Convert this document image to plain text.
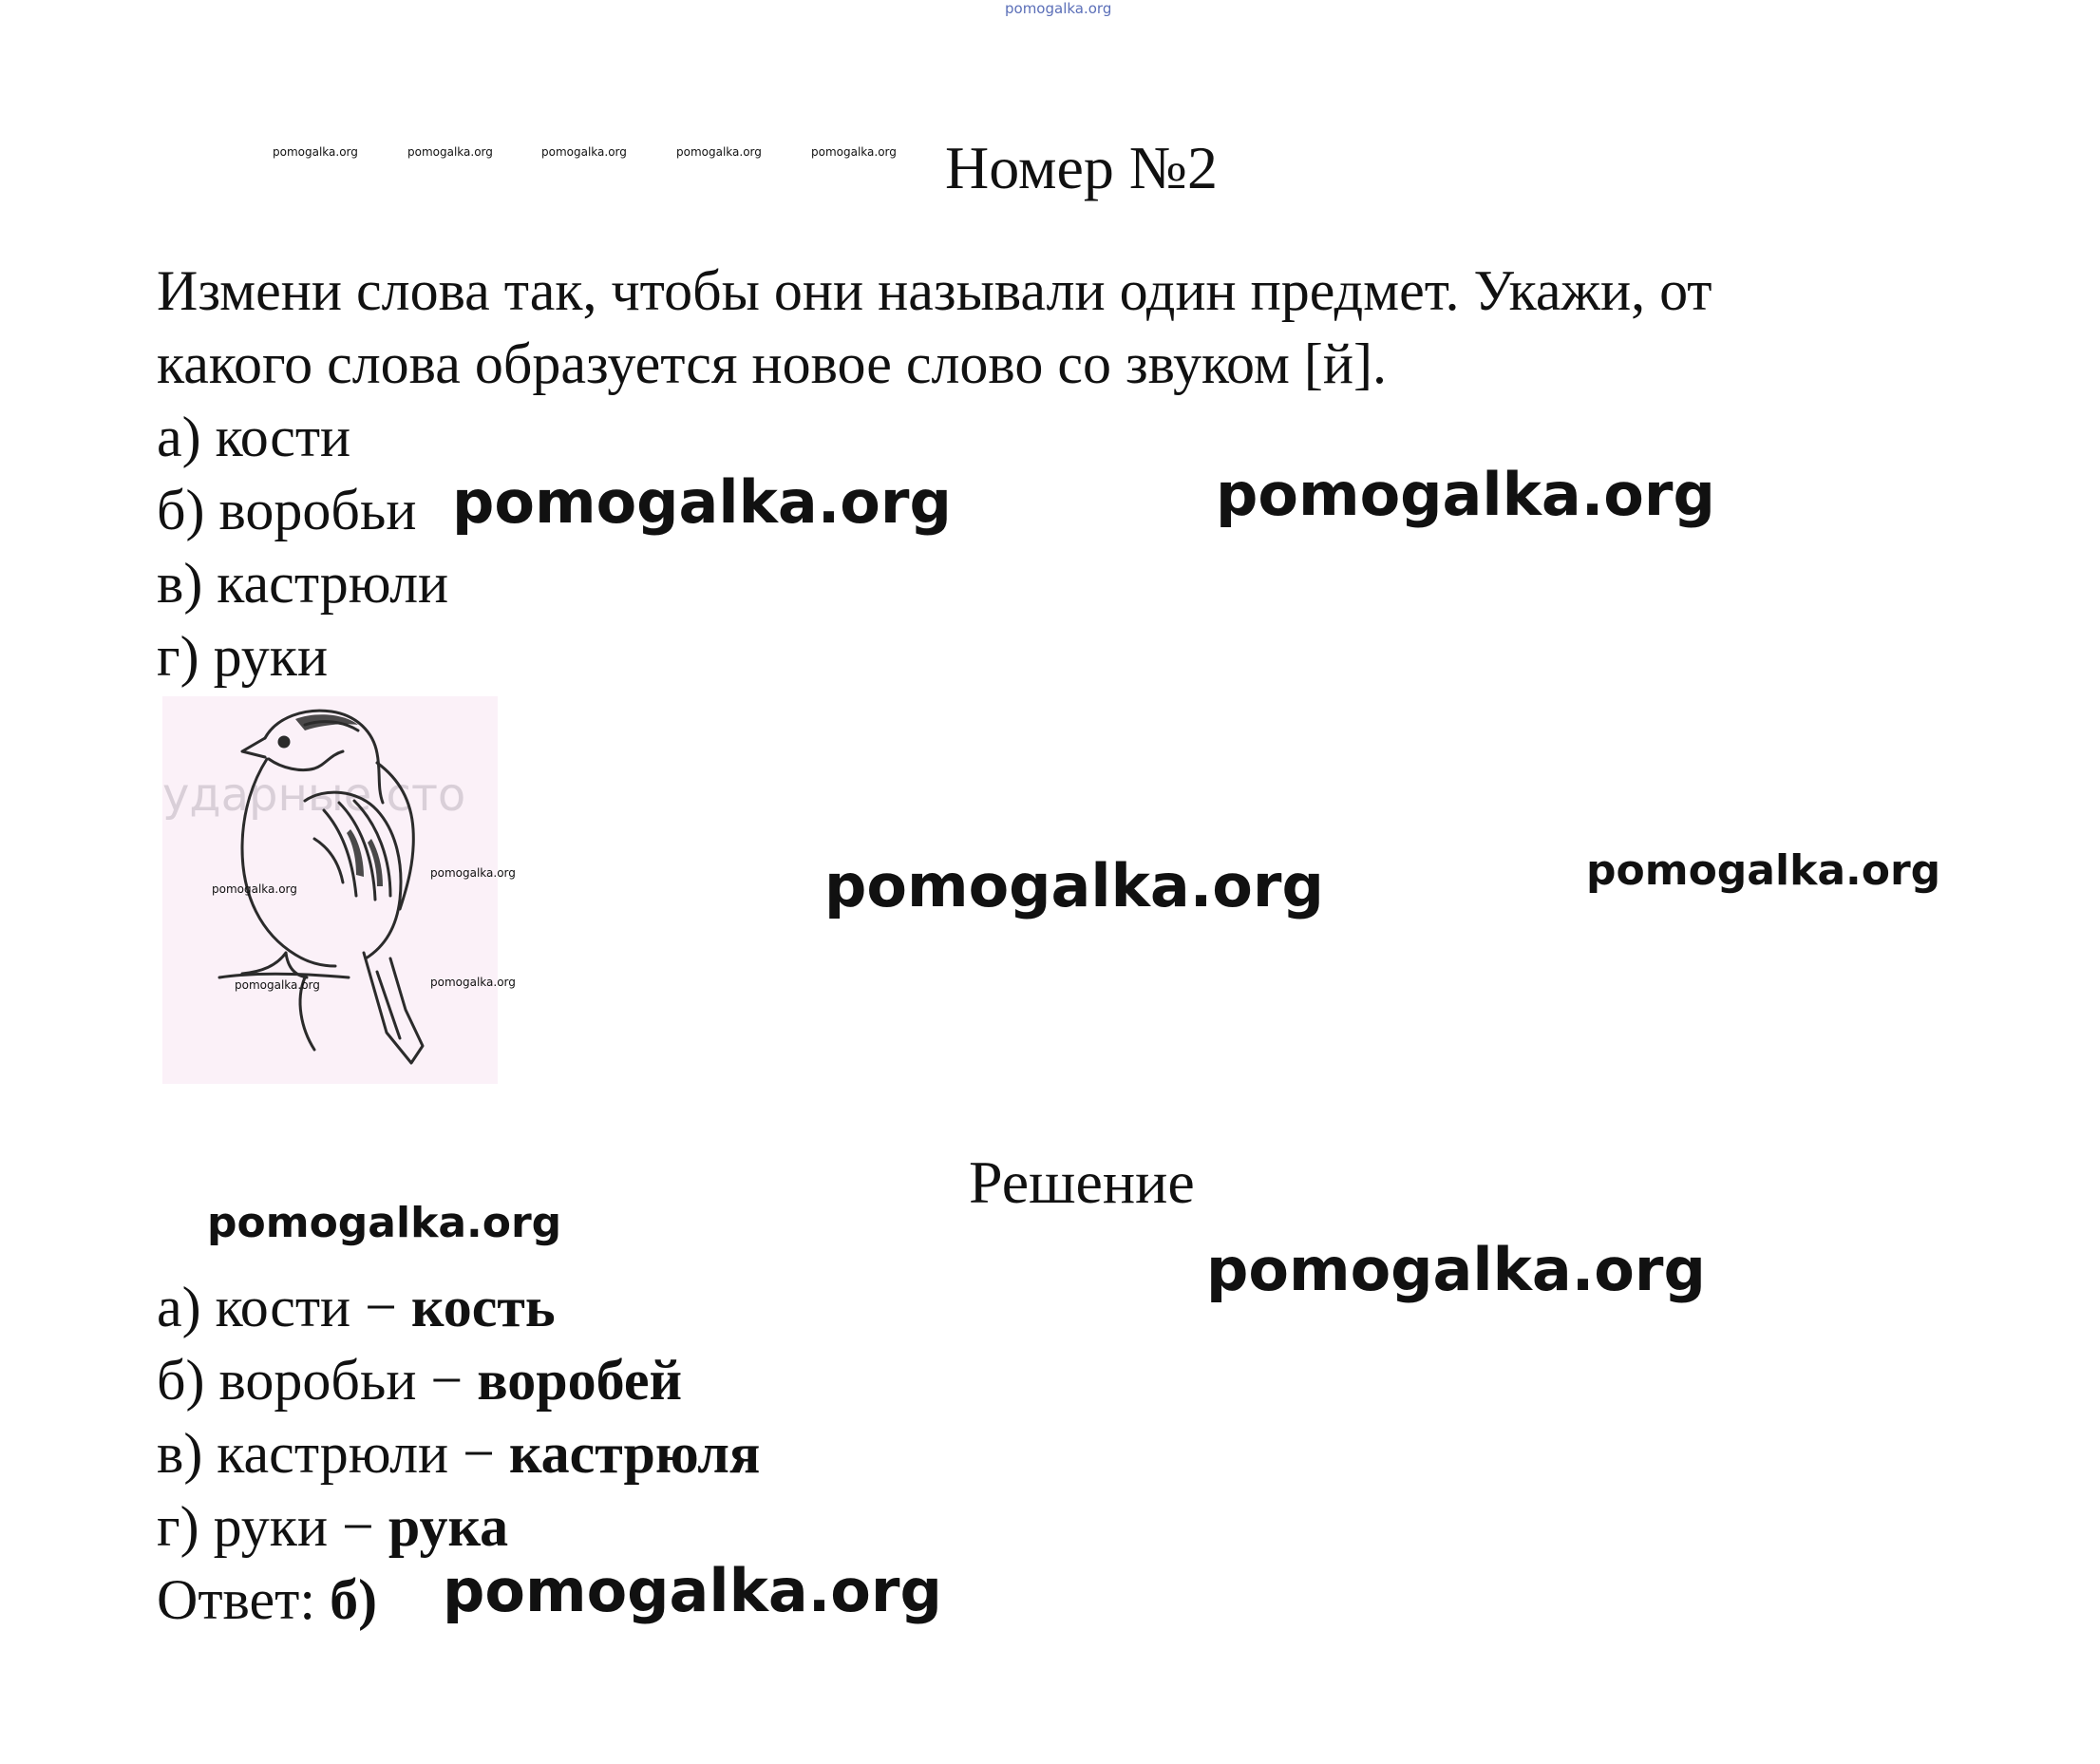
pomogalka.org
pomogalka.org	pomogalka.org	pomogalka.org	pomogalka.org	pomogalka.org Номер №2
Измени слова так, чтобы они называли один предмет. Укажи, от
какого слова образуется новое слово со звуком [й].
а) кости
б) воробьи
в) кастрюли
г) руки
pomogalka.org	pomogalka.org
pomogalka.org	pomogalka.org
ударные сто
pomogalka.org
pomogalka.org
pomogalka.org	pomogalka.org
Решение
pomogalka.org
pomogalka.org
а) кости − кость
б) воробьи − воробей
в) кастрюли − кастрюля
г) руки − рука
Ответ: б) pomogalka.org
